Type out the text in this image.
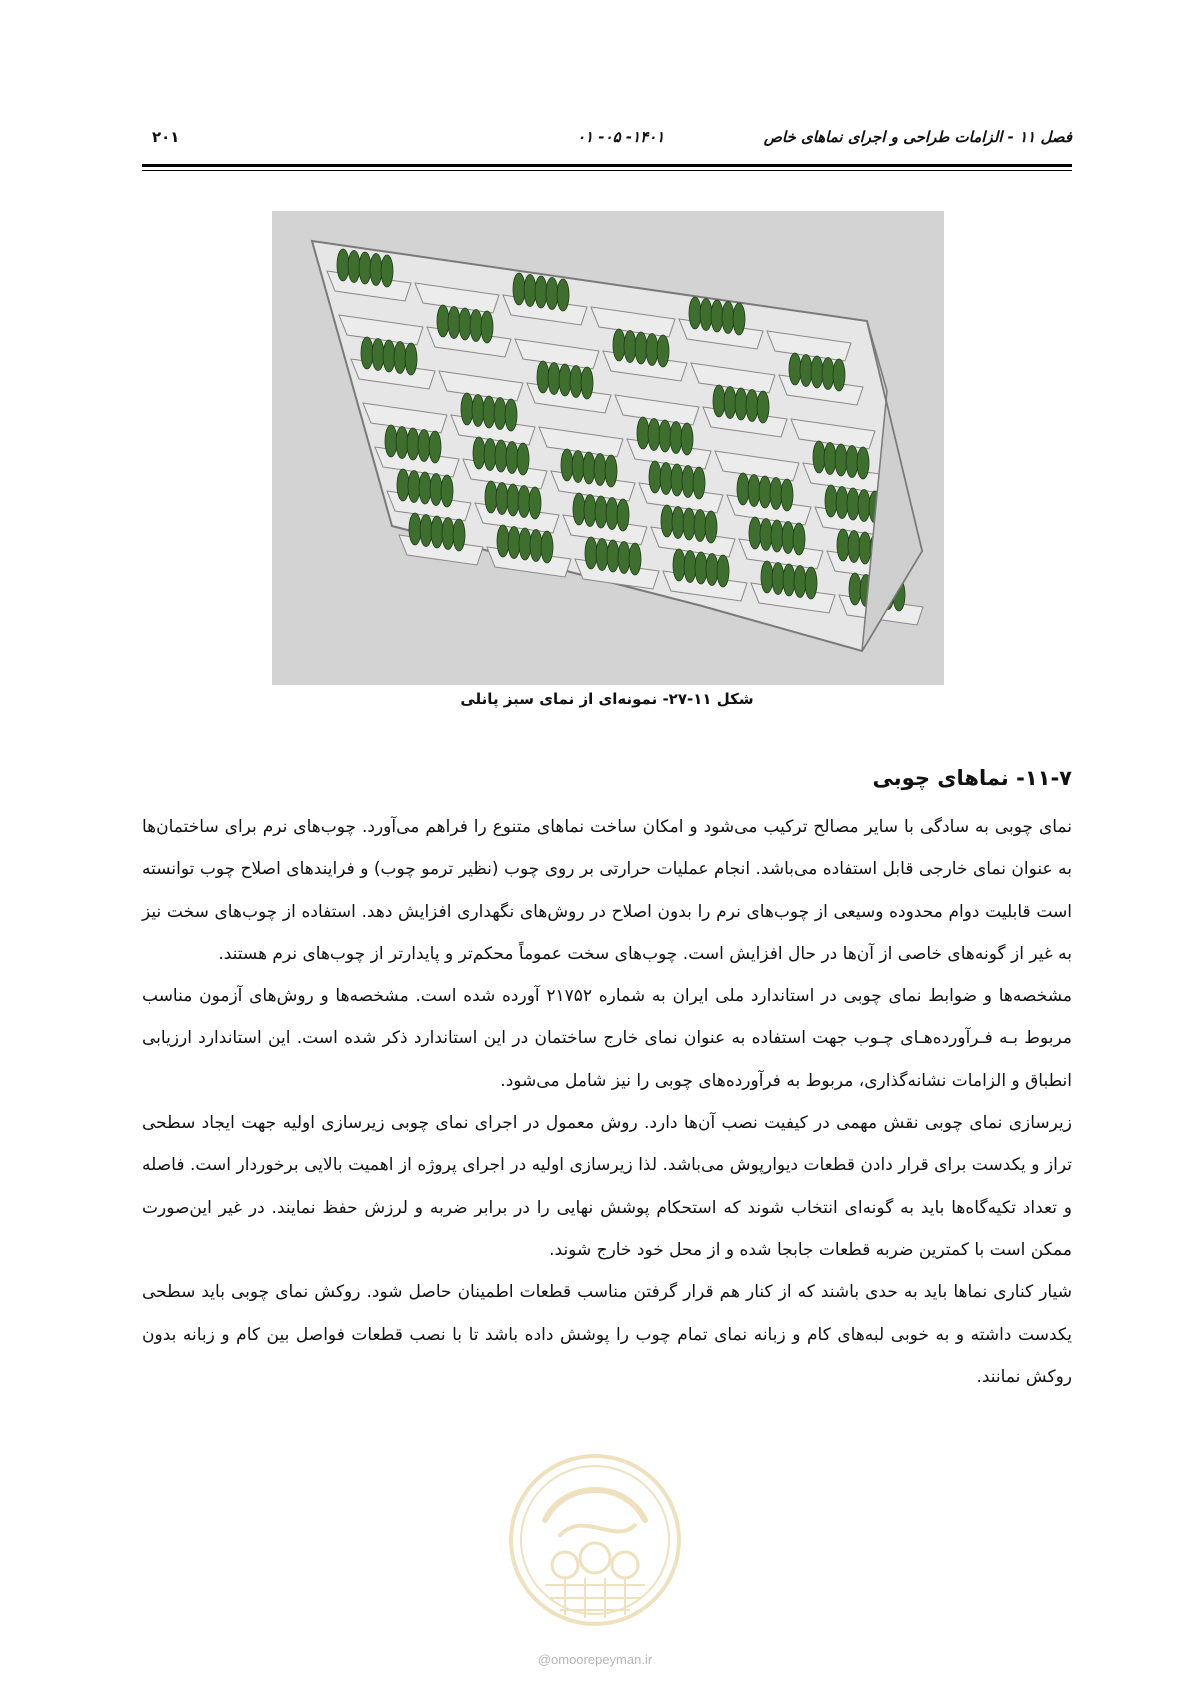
فصل ۱۱ - الزامات طراحی و اجرای نماهای خاص
۰۱ -۰۵ -۱۴۰۱
۲۰۱
شکل ۱۱-۲۷- نمونه‌ای از نمای سبز پانلی
۱۱-۷- نماهای چوبی

نمای چوبی به سادگی با سایر مصالح ترکیب می‌شود و امکان ساخت نماهای متنوع را فراهم می‌آورد. چوب‌های نرم برای ساختمان‌ها به عنوان نمای خارجی قابل استفاده می‌باشد. انجام عملیات حرارتی بر روی چوب (نظیر ترمو چوب) و فرایندهای اصلاح چوب توانسته است قابلیت دوام محدوده وسیعی از چوب‌های نرم را بدون اصلاح در روش‌های نگهداری افزایش دهد. استفاده از چوب‌های سخت نیز به غیر از گونه‌های خاصی از آن‌ها در حال افزایش است. چوب‌های سخت عموماً محکم‌تر و پایدارتر از چوب‌های نرم هستند.

مشخصه‌ها و ضوابط نمای چوبی در استاندارد ملی ایران به شماره ۲۱۷۵۲ آورده شده است. مشخصه‌ها و روش‌های آزمون مناسب مربوط بـه فـرآورده‌هـای چـوب جهت استفاده به عنوان نمای خارج ساختمان در این استاندارد ذکر شده است. این استاندارد ارزیابی انطباق و الزامات نشانه‌گذاری، مربوط به فرآورده‌های چوبی را نیز شامل می‌شود.

زیرسازی نمای چوبی نقش مهمی در کیفیت نصب آن‌ها دارد. روش معمول در اجرای نمای چوبی زیرسازی اولیه جهت ایجاد سطحی تراز و یکدست برای قرار دادن قطعات دیوارپوش می‌باشد. لذا زیرسازی اولیه در اجرای پروژه از اهمیت بالایی برخوردار است. فاصله و تعداد تکیه‌گاه‌ها باید به گونه‌ای انتخاب شوند که استحکام پوشش نهایی را در برابر ضربه و لرزش حفظ نمایند. در غیر این‌صورت ممکن است با کمترین ضربه قطعات جابجا شده و از محل خود خارج شوند.

شیار کناری نماها باید به حدی باشند که از کنار هم قرار گرفتن مناسب قطعات اطمینان حاصل شود. روکش نمای چوبی باید سطحی یکدست داشته و به خوبی لبه‌های کام و زبانه نمای تمام چوب را پوشش داده باشد تا با نصب قطعات فواصل بین کام و زبانه بدون روکش نمانند.

@omoorepeyman.ir
